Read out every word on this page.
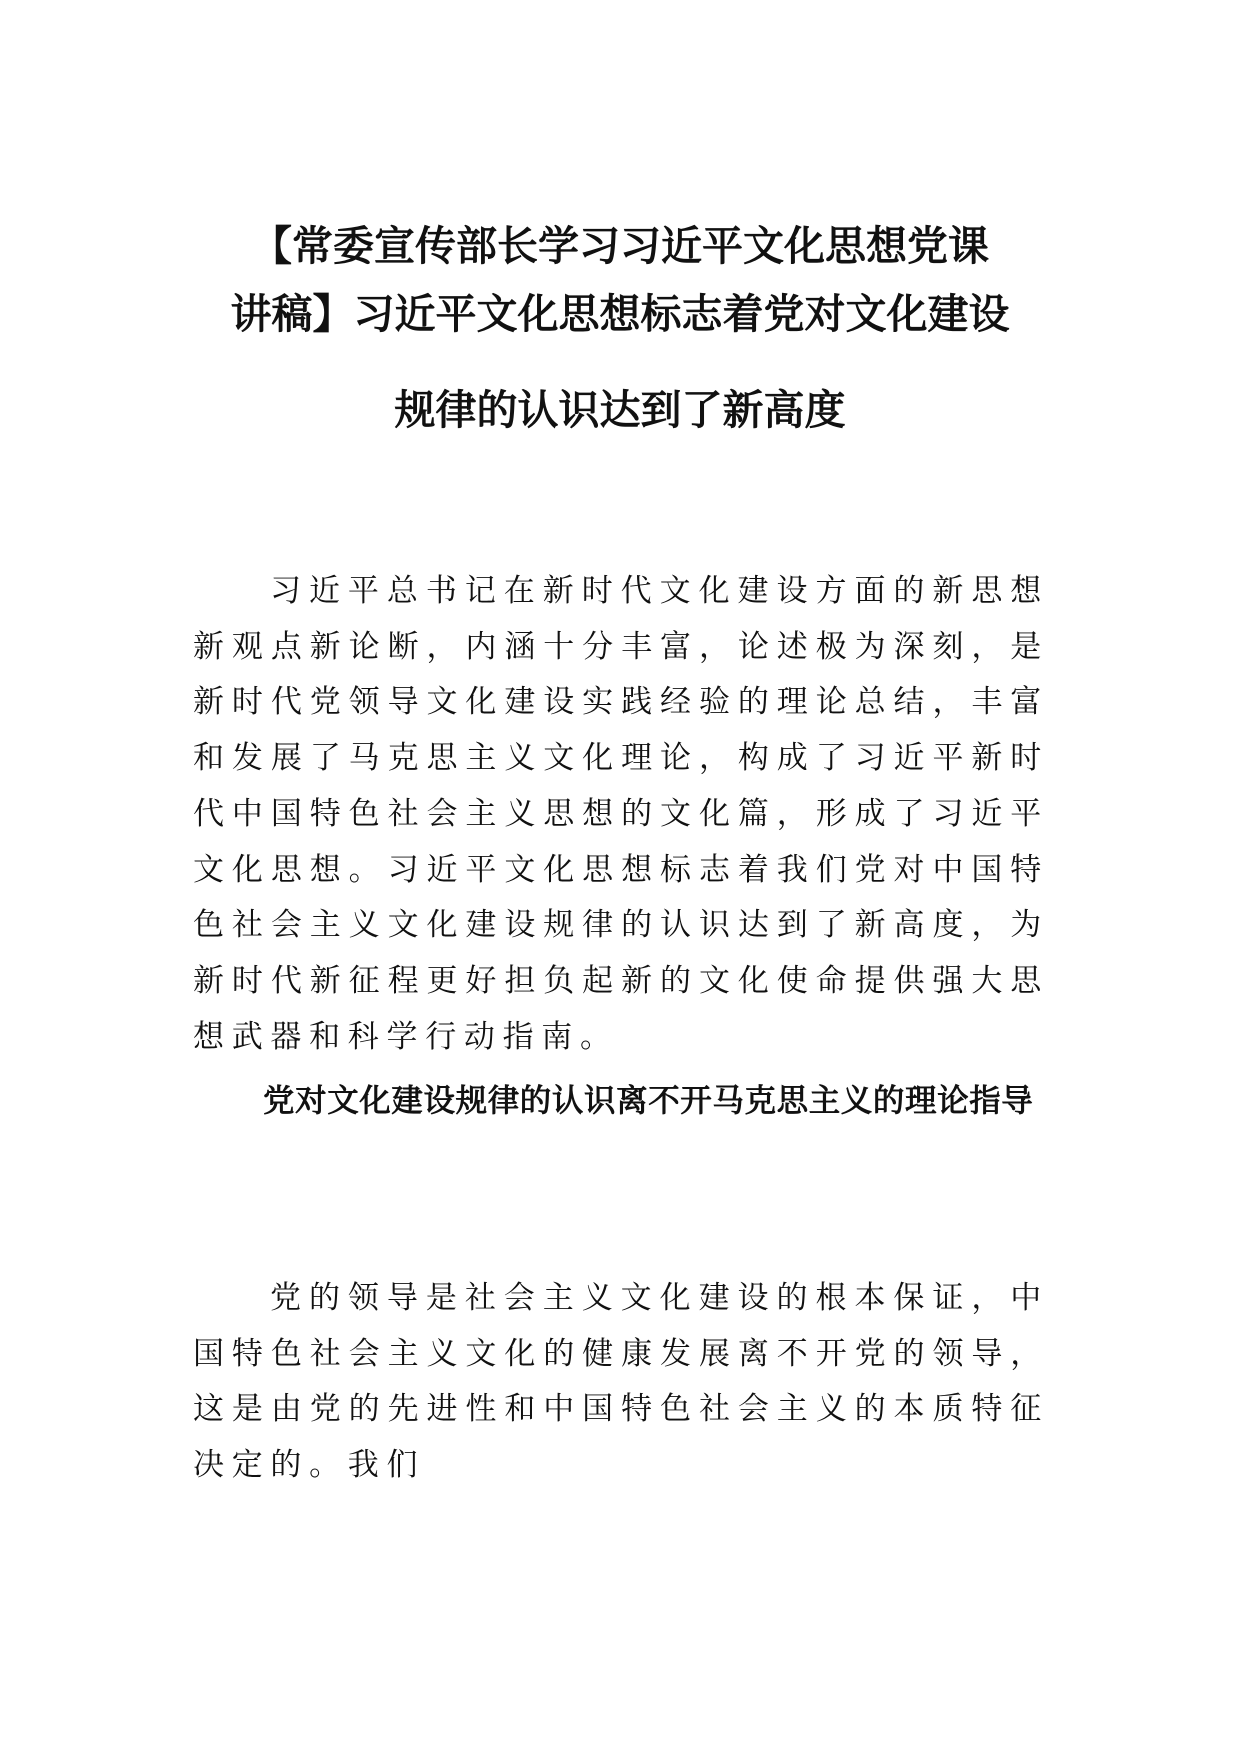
【常委宣传部长学习习近平文化思想党课
讲稿】习近平文化思想标志着党对文化建设
规律的认识达到了新高度

习近平总书记在新时代文化建设方面的新思想新观点新论断，内涵十分丰富，论述极为深刻，是新时代党领导文化建设实践经验的理论总结，丰富和发展了马克思主义文化理论，构成了习近平新时代中国特色社会主义思想的文化篇，形成了习近平文化思想。习近平文化思想标志着我们党对中国特色社会主义文化建设规律的认识达到了新高度，为新时代新征程更好担负起新的文化使命提供强大思想武器和科学行动指南。

党对文化建设规律的认识离不开马克思主义的理论指导

党的领导是社会主义文化建设的根本保证，中国特色社会主义文化的健康发展离不开党的领导，这是由党的先进性和中国特色社会主义的本质特征决定的。我们
